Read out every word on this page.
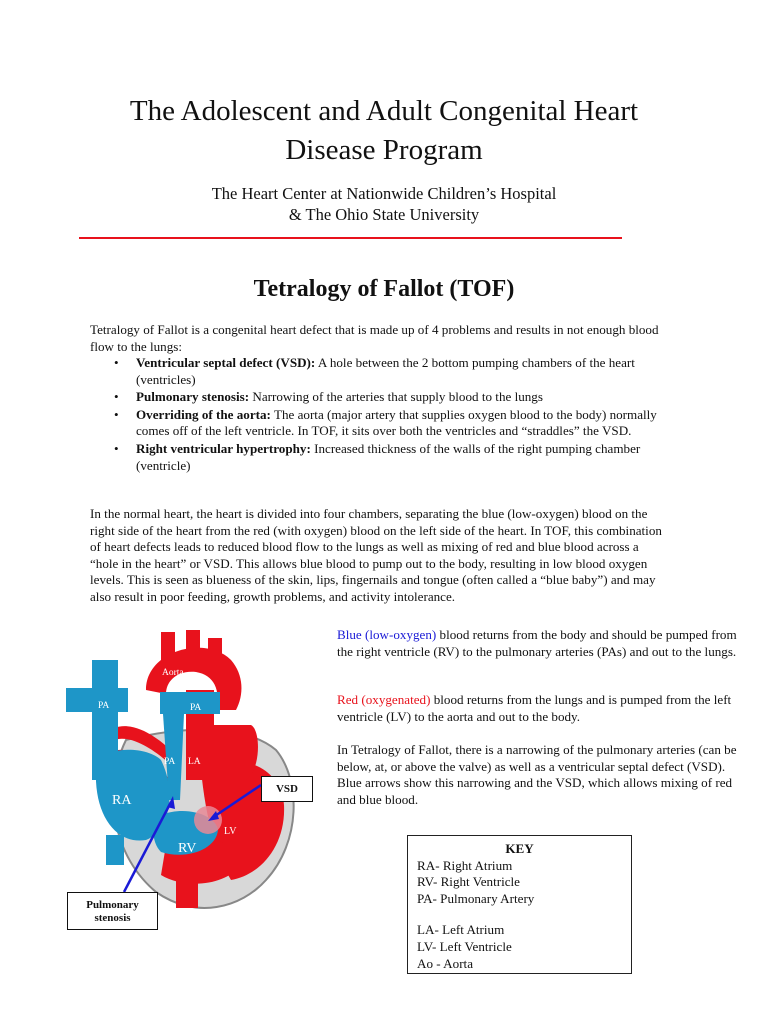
The Adolescent and Adult Congenital Heart
Disease Program
The Heart Center at Nationwide Children’s Hospital
& The Ohio State University
Tetralogy of Fallot (TOF)
Tetralogy of Fallot is a congenital heart defect that is made up of 4 problems and results in not enough blood flow to the lungs:
• Ventricular septal defect (VSD): A hole between the 2 bottom pumping chambers of the heart (ventricles)
• Pulmonary stenosis: Narrowing of the arteries that supply blood to the lungs
• Overriding of the aorta: The aorta (major artery that supplies oxygen blood to the body) normally comes off of the left ventricle. In TOF, it sits over both the ventricles and “straddles” the VSD.
• Right ventricular hypertrophy: Increased thickness of the walls of the right pumping chamber (ventricle)
In the normal heart, the heart is divided into four chambers, separating the blue (low-oxygen) blood on the right side of the heart from the red (with oxygen) blood on the left side of the heart. In TOF, this combination of heart defects leads to reduced blood flow to the lungs as well as mixing of red and blue blood across a “hole in the heart” or VSD. This allows blue blood to pump out to the body, resulting in low blood oxygen levels. This is seen as blueness of the skin, lips, fingernails and tongue (often called a “blue baby”) and may also result in poor feeding, growth problems, and activity intolerance.
Aorta
PA	PA
PA LA
RA
RV
LV
VSD
Pulmonary
stenosis
Blue (low-oxygen) blood returns from the body and should be pumped from the right ventricle (RV) to the pulmonary arteries (PAs) and out to the lungs.
Red (oxygenated) blood returns from the lungs and is pumped from the left ventricle (LV) to the aorta and out to the body.
In Tetralogy of Fallot, there is a narrowing of the pulmonary arteries (can be below, at, or above the valve) as well as a ventricular septal defect (VSD). Blue arrows show this narrowing and the VSD, which allows mixing of red and blue blood.
KEY
RA- Right Atrium
RV- Right Ventricle
PA- Pulmonary Artery
LA- Left Atrium
LV- Left Ventricle
Ao - Aorta
